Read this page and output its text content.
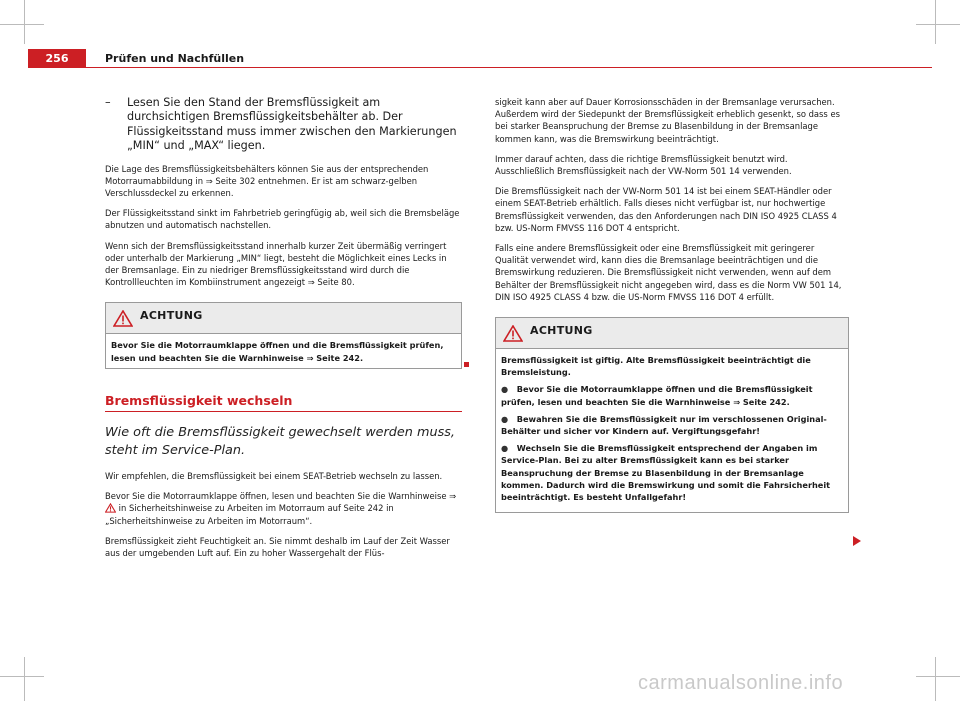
256	Prüfen und Nachfüllen

– Lesen Sie den Stand der Bremsflüssigkeit am durchsichtigen Bremsflüssigkeitsbehälter ab. Der Flüssigkeitsstand muss immer zwischen den Markierungen „MIN“ und „MAX“ liegen.

Die Lage des Bremsflüssigkeitsbehälters können Sie aus der entsprechenden Motorraumabbildung in ⇒ Seite 302 entnehmen. Er ist am schwarz-gelben Verschlussdeckel zu erkennen.

Der Flüssigkeitsstand sinkt im Fahrbetrieb geringfügig ab, weil sich die Bremsbeläge abnutzen und automatisch nachstellen.

Wenn sich der Bremsflüssigkeitsstand innerhalb kurzer Zeit übermäßig verringert oder unterhalb der Markierung „MIN“ liegt, besteht die Möglichkeit eines Lecks in der Bremsanlage. Ein zu niedriger Bremsflüssigkeitsstand wird durch die Kontrollleuchten im Kombiinstrument angezeigt ⇒ Seite 80.

ACHTUNG
Bevor Sie die Motorraumklappe öffnen und die Bremsflüssigkeit prüfen, lesen und beachten Sie die Warnhinweise ⇒ Seite 242.
Bremsflüssigkeit wechseln
Wie oft die Bremsflüssigkeit gewechselt werden muss, steht im Service-Plan.

Wir empfehlen, die Bremsflüssigkeit bei einem SEAT-Betrieb wechseln zu lassen.

Bevor Sie die Motorraumklappe öffnen, lesen und beachten Sie die Warnhinweise ⇒  in Sicherheitshinweise zu Arbeiten im Motorraum auf Seite 242 in „Sicherheitshinweise zu Arbeiten im Motorraum“.

Bremsflüssigkeit zieht Feuchtigkeit an. Sie nimmt deshalb im Lauf der Zeit Wasser aus der umgebenden Luft auf. Ein zu hoher Wassergehalt der Flüs-

sigkeit kann aber auf Dauer Korrosionsschäden in der Bremsanlage verursachen. Außerdem wird der Siedepunkt der Bremsflüssigkeit erheblich gesenkt, so dass es bei starker Beanspruchung der Bremse zu Blasenbildung in der Bremsanlage kommen kann, was die Bremswirkung beeinträchtigt.

Immer darauf achten, dass die richtige Bremsflüssigkeit benutzt wird. Ausschließlich Bremsflüssigkeit nach der VW-Norm 501 14 verwenden.

Die Bremsflüssigkeit nach der VW-Norm 501 14 ist bei einem SEAT-Händler oder einem SEAT-Betrieb erhältlich. Falls dieses nicht verfügbar ist, nur hochwertige Bremsflüssigkeit verwenden, das den Anforderungen nach DIN ISO 4925 CLASS 4 bzw. US-Norm FMVSS 116 DOT 4 entspricht.

Falls eine andere Bremsflüssigkeit oder eine Bremsflüssigkeit mit geringerer Qualität verwendet wird, kann dies die Bremsanlage beeinträchtigen und die Bremswirkung reduzieren. Die Bremsflüssigkeit nicht verwenden, wenn auf dem Behälter der Bremsflüssigkeit nicht angegeben wird, dass es die Norm VW 501 14, DIN ISO 4925 CLASS 4 bzw. die US-Norm FMVSS 116 DOT 4 erfüllt.

ACHTUNG

Bremsflüssigkeit ist giftig. Alte Bremsflüssigkeit beeinträchtigt die Bremsleistung.

● Bevor Sie die Motorraumklappe öffnen und die Bremsflüssigkeit prüfen, lesen und beachten Sie die Warnhinweise ⇒ Seite 242.

● Bewahren Sie die Bremsflüssigkeit nur im verschlossenen Original-Behälter und sicher vor Kindern auf. Vergiftungsgefahr!

● Wechseln Sie die Bremsflüssigkeit entsprechend der Angaben im Service-Plan. Bei zu alter Bremsflüssigkeit kann es bei starker Beanspruchung der Bremse zu Blasenbildung in der Bremsanlage kommen. Dadurch wird die Bremswirkung und somit die Fahrsicherheit beeinträchtigt. Es besteht Unfallgefahr!

carmanualsonline.info
